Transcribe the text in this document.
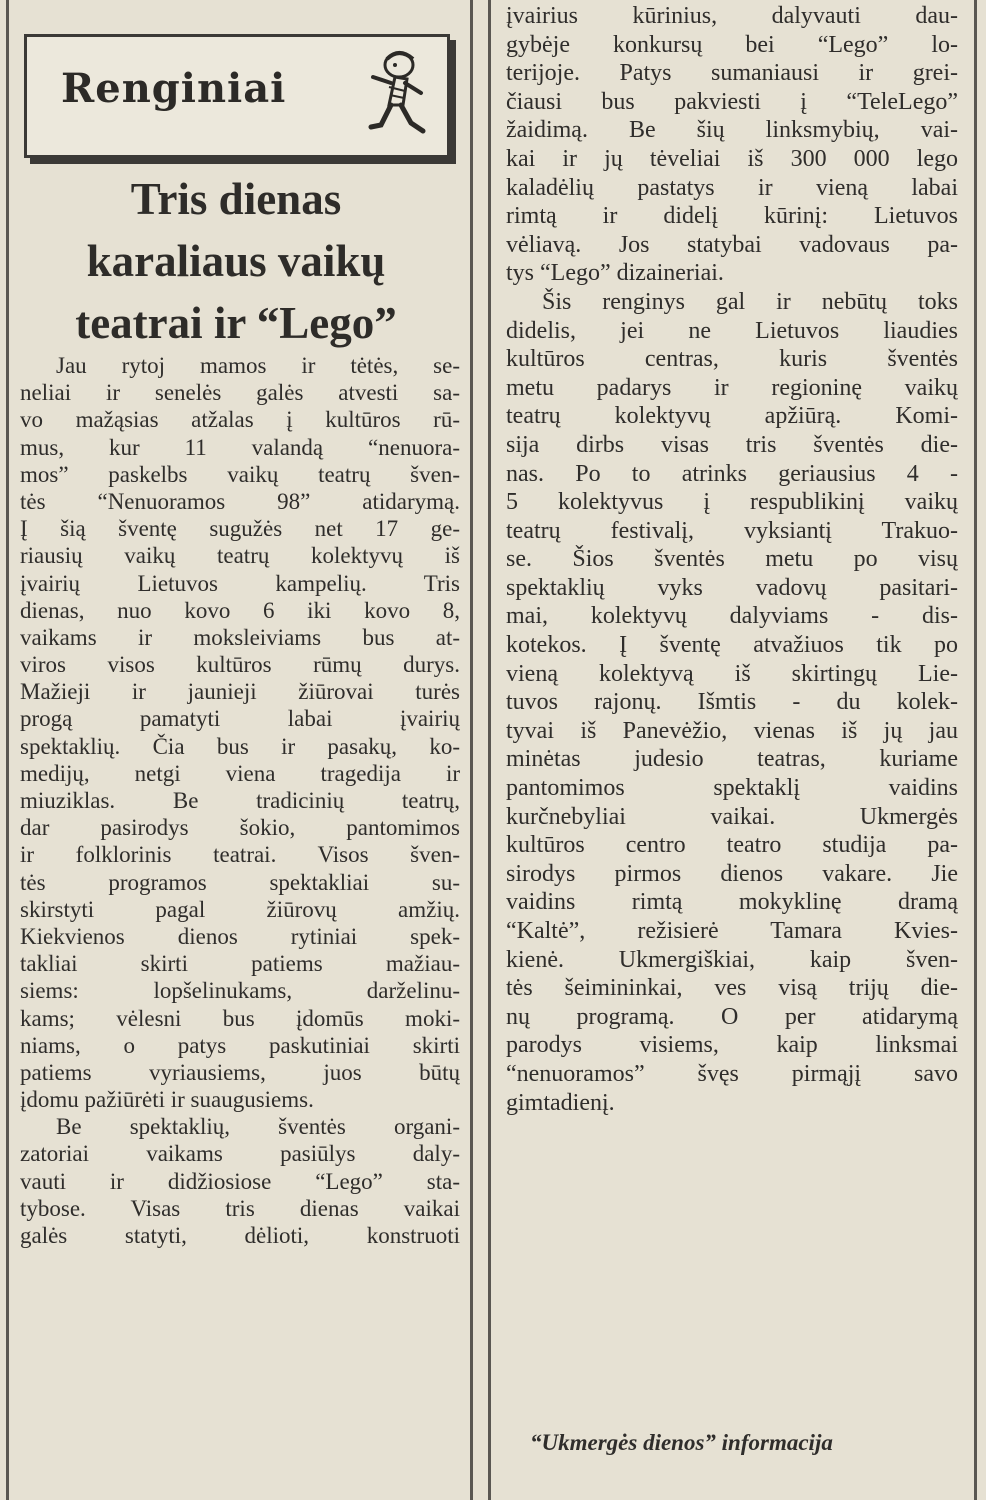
Renginiai
Tris dienas
karaliaus vaikų
teatrai ir “Lego”
Jau rytoj mamos ir tėtės, se-
neliai ir senelės galės atvesti sa-
vo mažąsias atžalas į kultūros rū-
mus, kur 11 valandą “nenuora-
mos” paskelbs vaikų teatrų šven-
tės “Nenuoramos 98” atidarymą.
Į šią šventę sugužės net 17 ge-
riausių vaikų teatrų kolektyvų iš
įvairių Lietuvos kampelių. Tris
dienas, nuo kovo 6 iki kovo 8,
vaikams ir moksleiviams bus at-
viros visos kultūros rūmų durys.
Mažieji ir jaunieji žiūrovai turės
progą pamatyti labai įvairių
spektaklių. Čia bus ir pasakų, ko-
medijų, netgi viena tragedija ir
miuziklas. Be tradicinių teatrų,
dar pasirodys šokio, pantomimos
ir folklorinis teatrai. Visos šven-
tės programos spektakliai su-
skirstyti pagal žiūrovų amžių.
Kiekvienos dienos rytiniai spek-
takliai skirti patiems mažiau-
siems: lopšelinukams, darželinu-
kams; vėlesni bus įdomūs moki-
niams, o patys paskutiniai skirti
patiems vyriausiems, juos būtų
įdomu pažiūrėti ir suaugusiems.
Be spektaklių, šventės organi-
zatoriai vaikams pasiūlys daly-
vauti ir didžiosiose “Lego” sta-
tybose. Visas tris dienas vaikai
galės statyti, dėlioti, konstruoti
įvairius kūrinius, dalyvauti dau-
gybėje konkursų bei “Lego” lo-
terijoje. Patys sumaniausi ir grei-
čiausi bus pakviesti į “TeleLego”
žaidimą. Be šių linksmybių, vai-
kai ir jų tėveliai iš 300 000 lego
kaladėlių pastatys ir vieną labai
rimtą ir didelį kūrinį: Lietuvos
vėliavą. Jos statybai vadovaus pa-
tys “Lego” dizaineriai.
Šis renginys gal ir nebūtų toks
didelis, jei ne Lietuvos liaudies
kultūros centras, kuris šventės
metu padarys ir regioninę vaikų
teatrų kolektyvų apžiūrą. Komi-
sija dirbs visas tris šventės die-
nas. Po to atrinks geriausius 4 -
5 kolektyvus į respublikinį vaikų
teatrų festivalį, vyksiantį Trakuo-
se. Šios šventės metu po visų
spektaklių vyks vadovų pasitari-
mai, kolektyvų dalyviams - dis-
kotekos. Į šventę atvažiuos tik po
vieną kolektyvą iš skirtingų Lie-
tuvos rajonų. Išmtis - du kolek-
tyvai iš Panevėžio, vienas iš jų jau
minėtas judesio teatras, kuriame
pantomimos spektaklį vaidins
kurčnebyliai vaikai. Ukmergės
kultūros centro teatro studija pa-
sirodys pirmos dienos vakare. Jie
vaidins rimtą mokyklinę dramą
“Kaltė”, režisierė Tamara Kvies-
kienė. Ukmergiškiai, kaip šven-
tės šeimininkai, ves visą trijų die-
nų programą. O per atidarymą
parodys visiems, kaip linksmai
“nenuoramos” švęs pirmąjį savo
gimtadienį.
“Ukmergės dienos” informacija
